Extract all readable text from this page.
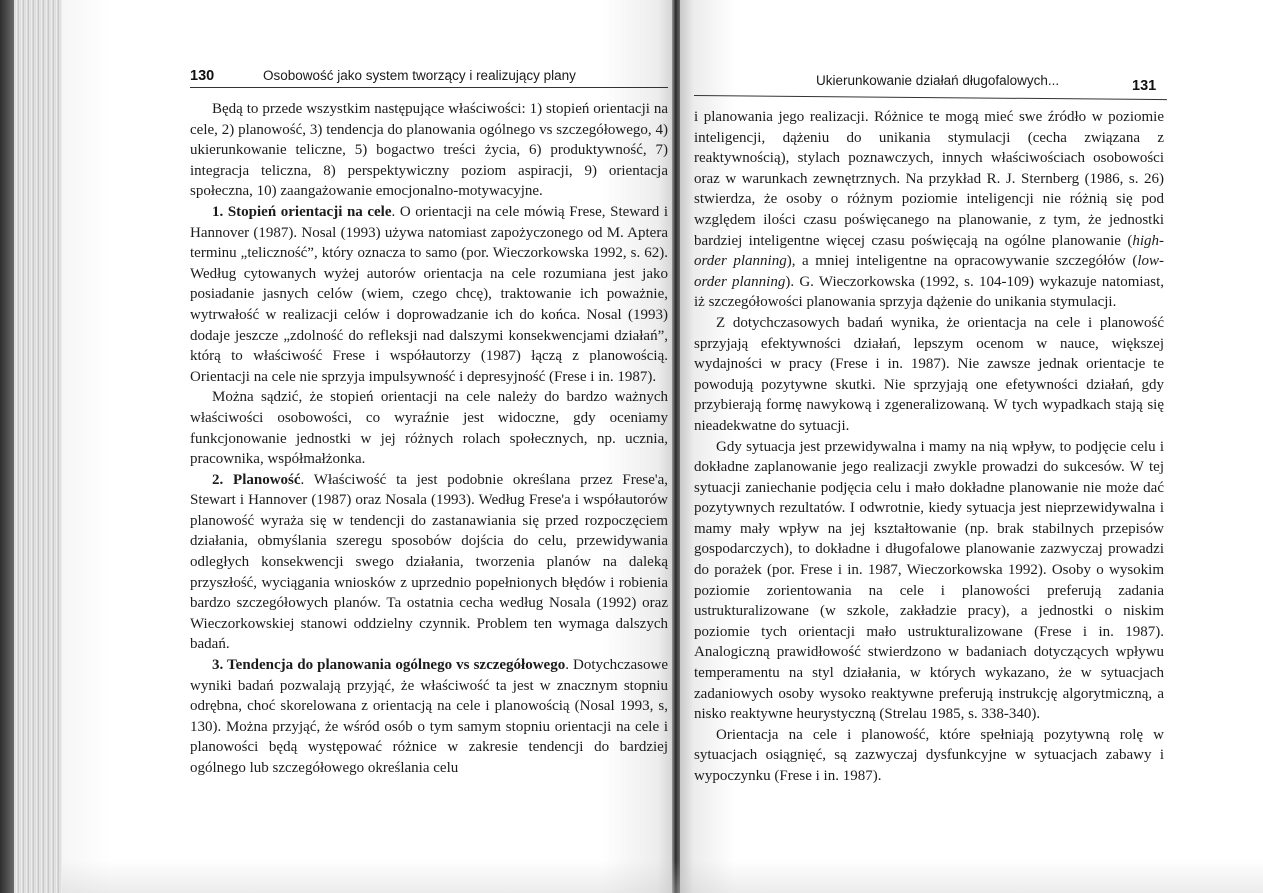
130	Osobowość jako system tworzący i realizujący plany

Będą to przede wszystkim następujące właściwości: 1) stopień orientacji na cele, 2) planowość, 3) tendencja do planowania ogólnego vs szczegółowego, 4) ukierunkowanie teliczne, 5) bogactwo treści życia, 6) produktywność, 7) integracja teliczna, 8) perspektywiczny poziom aspiracji, 9) orientacja społeczna, 10) zaangażowanie emocjonalno-motywacyjne.

1. Stopień orientacji na cele. O orientacji na cele mówią Frese, Steward i Hannover (1987). Nosal (1993) używa natomiast zapożyczonego od M. Aptera terminu „teliczność”, który oznacza to samo (por. Wieczorkowska 1992, s. 62). Według cytowanych wyżej autorów orientacja na cele rozumiana jest jako posiadanie jasnych celów (wiem, czego chcę), traktowanie ich poważnie, wytrwałość w realizacji celów i doprowadzanie ich do końca. Nosal (1993) dodaje jeszcze „zdolność do refleksji nad dalszymi konsekwencjami działań”, którą to właściwość Frese i współautorzy (1987) łączą z planowością. Orientacji na cele nie sprzyja impulsywność i depresyjność (Frese i in. 1987).

Można sądzić, że stopień orientacji na cele należy do bardzo ważnych właściwości osobowości, co wyraźnie jest widoczne, gdy oceniamy funkcjonowanie jednostki w jej różnych rolach społecznych, np. ucznia, pracownika, współmałżonka.

2. Planowość. Właściwość ta jest podobnie określana przez Frese'a, Stewart i Hannover (1987) oraz Nosala (1993). Według Frese'a i współautorów planowość wyraża się w tendencji do zastanawiania się przed rozpoczęciem działania, obmyślania szeregu sposobów dojścia do celu, przewidywania odległych konsekwencji swego działania, tworzenia planów na daleką przyszłość, wyciągania wniosków z uprzednio popełnionych błędów i robienia bardzo szczegółowych planów. Ta ostatnia cecha według Nosala (1992) oraz Wieczorkowskiej stanowi oddzielny czynnik. Problem ten wymaga dalszych badań.

3. Tendencja do planowania ogólnego vs szczegółowego. Dotychczasowe wyniki badań pozwalają przyjąć, że właściwość ta jest w znacznym stopniu odrębna, choć skorelowana z orientacją na cele i planowością (Nosal 1993, s, 130). Można przyjąć, że wśród osób o tym samym stopniu orientacji na cele i planowości będą występować różnice w zakresie tendencji do bardziej ogólnego lub szczegółowego określania celu

Ukierunkowanie działań długofalowych...	131

i planowania jego realizacji. Różnice te mogą mieć swe źródło w poziomie inteligencji, dążeniu do unikania stymulacji (cecha związana z reaktywnością), stylach poznawczych, innych właściwościach osobowości oraz w warunkach zewnętrznych. Na przykład R. J. Sternberg (1986, s. 26) stwierdza, że osoby o różnym poziomie inteligencji nie różnią się pod względem ilości czasu poświęcanego na planowanie, z tym, że jednostki bardziej inteligentne więcej czasu poświęcają na ogólne planowanie (high-order planning), a mniej inteligentne na opracowywanie szczegółów (low-order planning). G. Wieczorkowska (1992, s. 104-109) wykazuje natomiast, iż szczegółowości planowania sprzyja dążenie do unikania stymulacji.

Z dotychczasowych badań wynika, że orientacja na cele i planowość sprzyjają efektywności działań, lepszym ocenom w nauce, większej wydajności w pracy (Frese i in. 1987). Nie zawsze jednak orientacje te powodują pozytywne skutki. Nie sprzyjają one efetywności działań, gdy przybierają formę nawykową i zgeneralizowaną. W tych wypadkach stają się nieadekwatne do sytuacji.

Gdy sytuacja jest przewidywalna i mamy na nią wpływ, to podjęcie celu i dokładne zaplanowanie jego realizacji zwykle prowadzi do sukcesów. W tej sytuacji zaniechanie podjęcia celu i mało dokładne planowanie nie może dać pozytywnych rezultatów. I odwrotnie, kiedy sytuacja jest nieprzewidywalna i mamy mały wpływ na jej kształtowanie (np. brak stabilnych przepisów gospodarczych), to dokładne i długofalowe planowanie zazwyczaj prowadzi do porażek (por. Frese i in. 1987, Wieczorkowska 1992). Osoby o wysokim poziomie zorientowania na cele i planowości preferują zadania ustrukturalizowane (w szkole, zakładzie pracy), a jednostki o niskim poziomie tych orientacji mało ustrukturalizowane (Frese i in. 1987). Analogiczną prawidłowość stwierdzono w badaniach dotyczących wpływu temperamentu na styl działania, w których wykazano, że w sytuacjach zadaniowych osoby wysoko reaktywne preferują instrukcję algorytmiczną, a nisko reaktywne heurystyczną (Strelau 1985, s. 338-340).

Orientacja na cele i planowość, które spełniają pozytywną rolę w sytuacjach osiągnięć, są zazwyczaj dysfunkcyjne w sytuacjach zabawy i wypoczynku (Frese i in. 1987).
